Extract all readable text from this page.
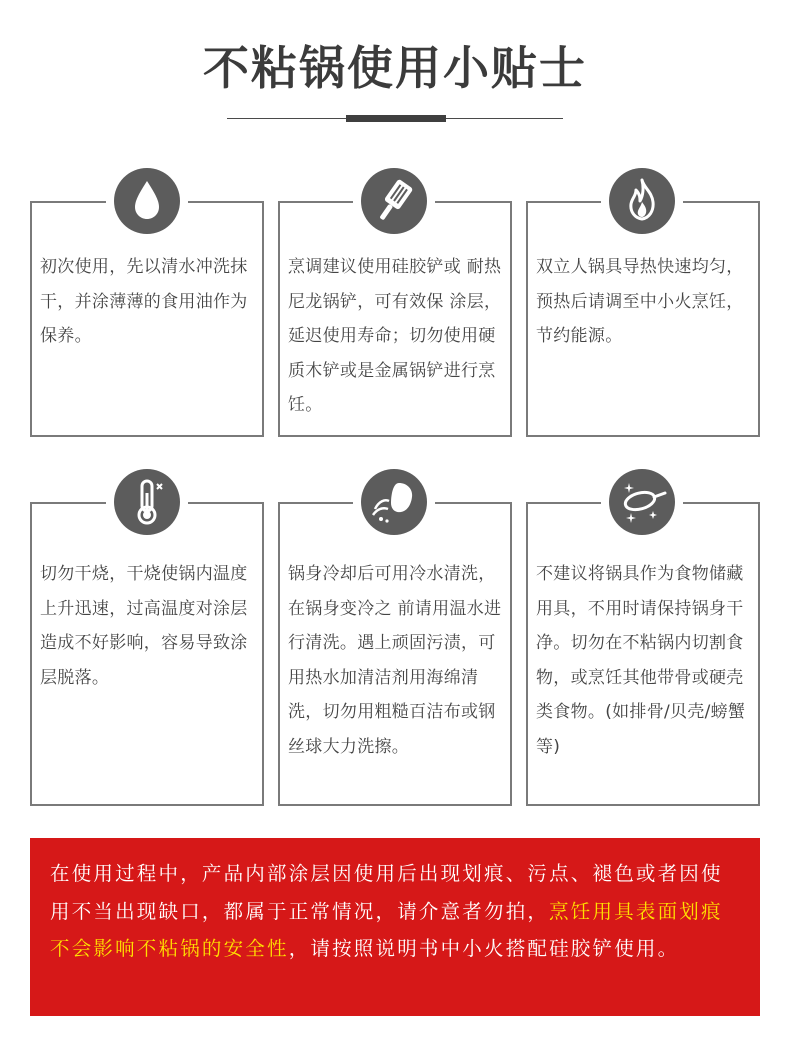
不粘锅使用小贴士
初次使用，先以清水冲洗抹干，并涂薄薄的食用油作为保养。
烹调建议使用硅胶铲或 耐热尼龙锅铲，可有效保 涂层，延迟使用寿命；切勿使用硬质木铲或是金属锅铲进行烹饪。
双立人锅具导热快速均匀，预热后请调至中小火烹饪，节约能源。
切勿干烧，干烧使锅内温度上升迅速，过高温度对涂层造成不好影响，容易导致涂层脱落。
锅身冷却后可用冷水清洗，在锅身变冷之 前请用温水进行清洗。遇上顽固污渍，可用热水加清洁剂用海绵清洗，切勿用粗糙百洁布或钢丝球大力洗擦。
不建议将锅具作为食物储藏用具，不用时请保持锅身干净。切勿在不粘锅内切割食物，或烹饪其他带骨或硬壳类食物。(如排骨/贝壳/螃蟹等)
在使用过程中，产品内部涂层因使用后出现划痕、污点、褪色或者因使用不当出现缺口，都属于正常情况，请介意者勿拍，烹饪用具表面划痕不会影响不粘锅的安全性，请按照说明书中小火搭配硅胶铲使用。
